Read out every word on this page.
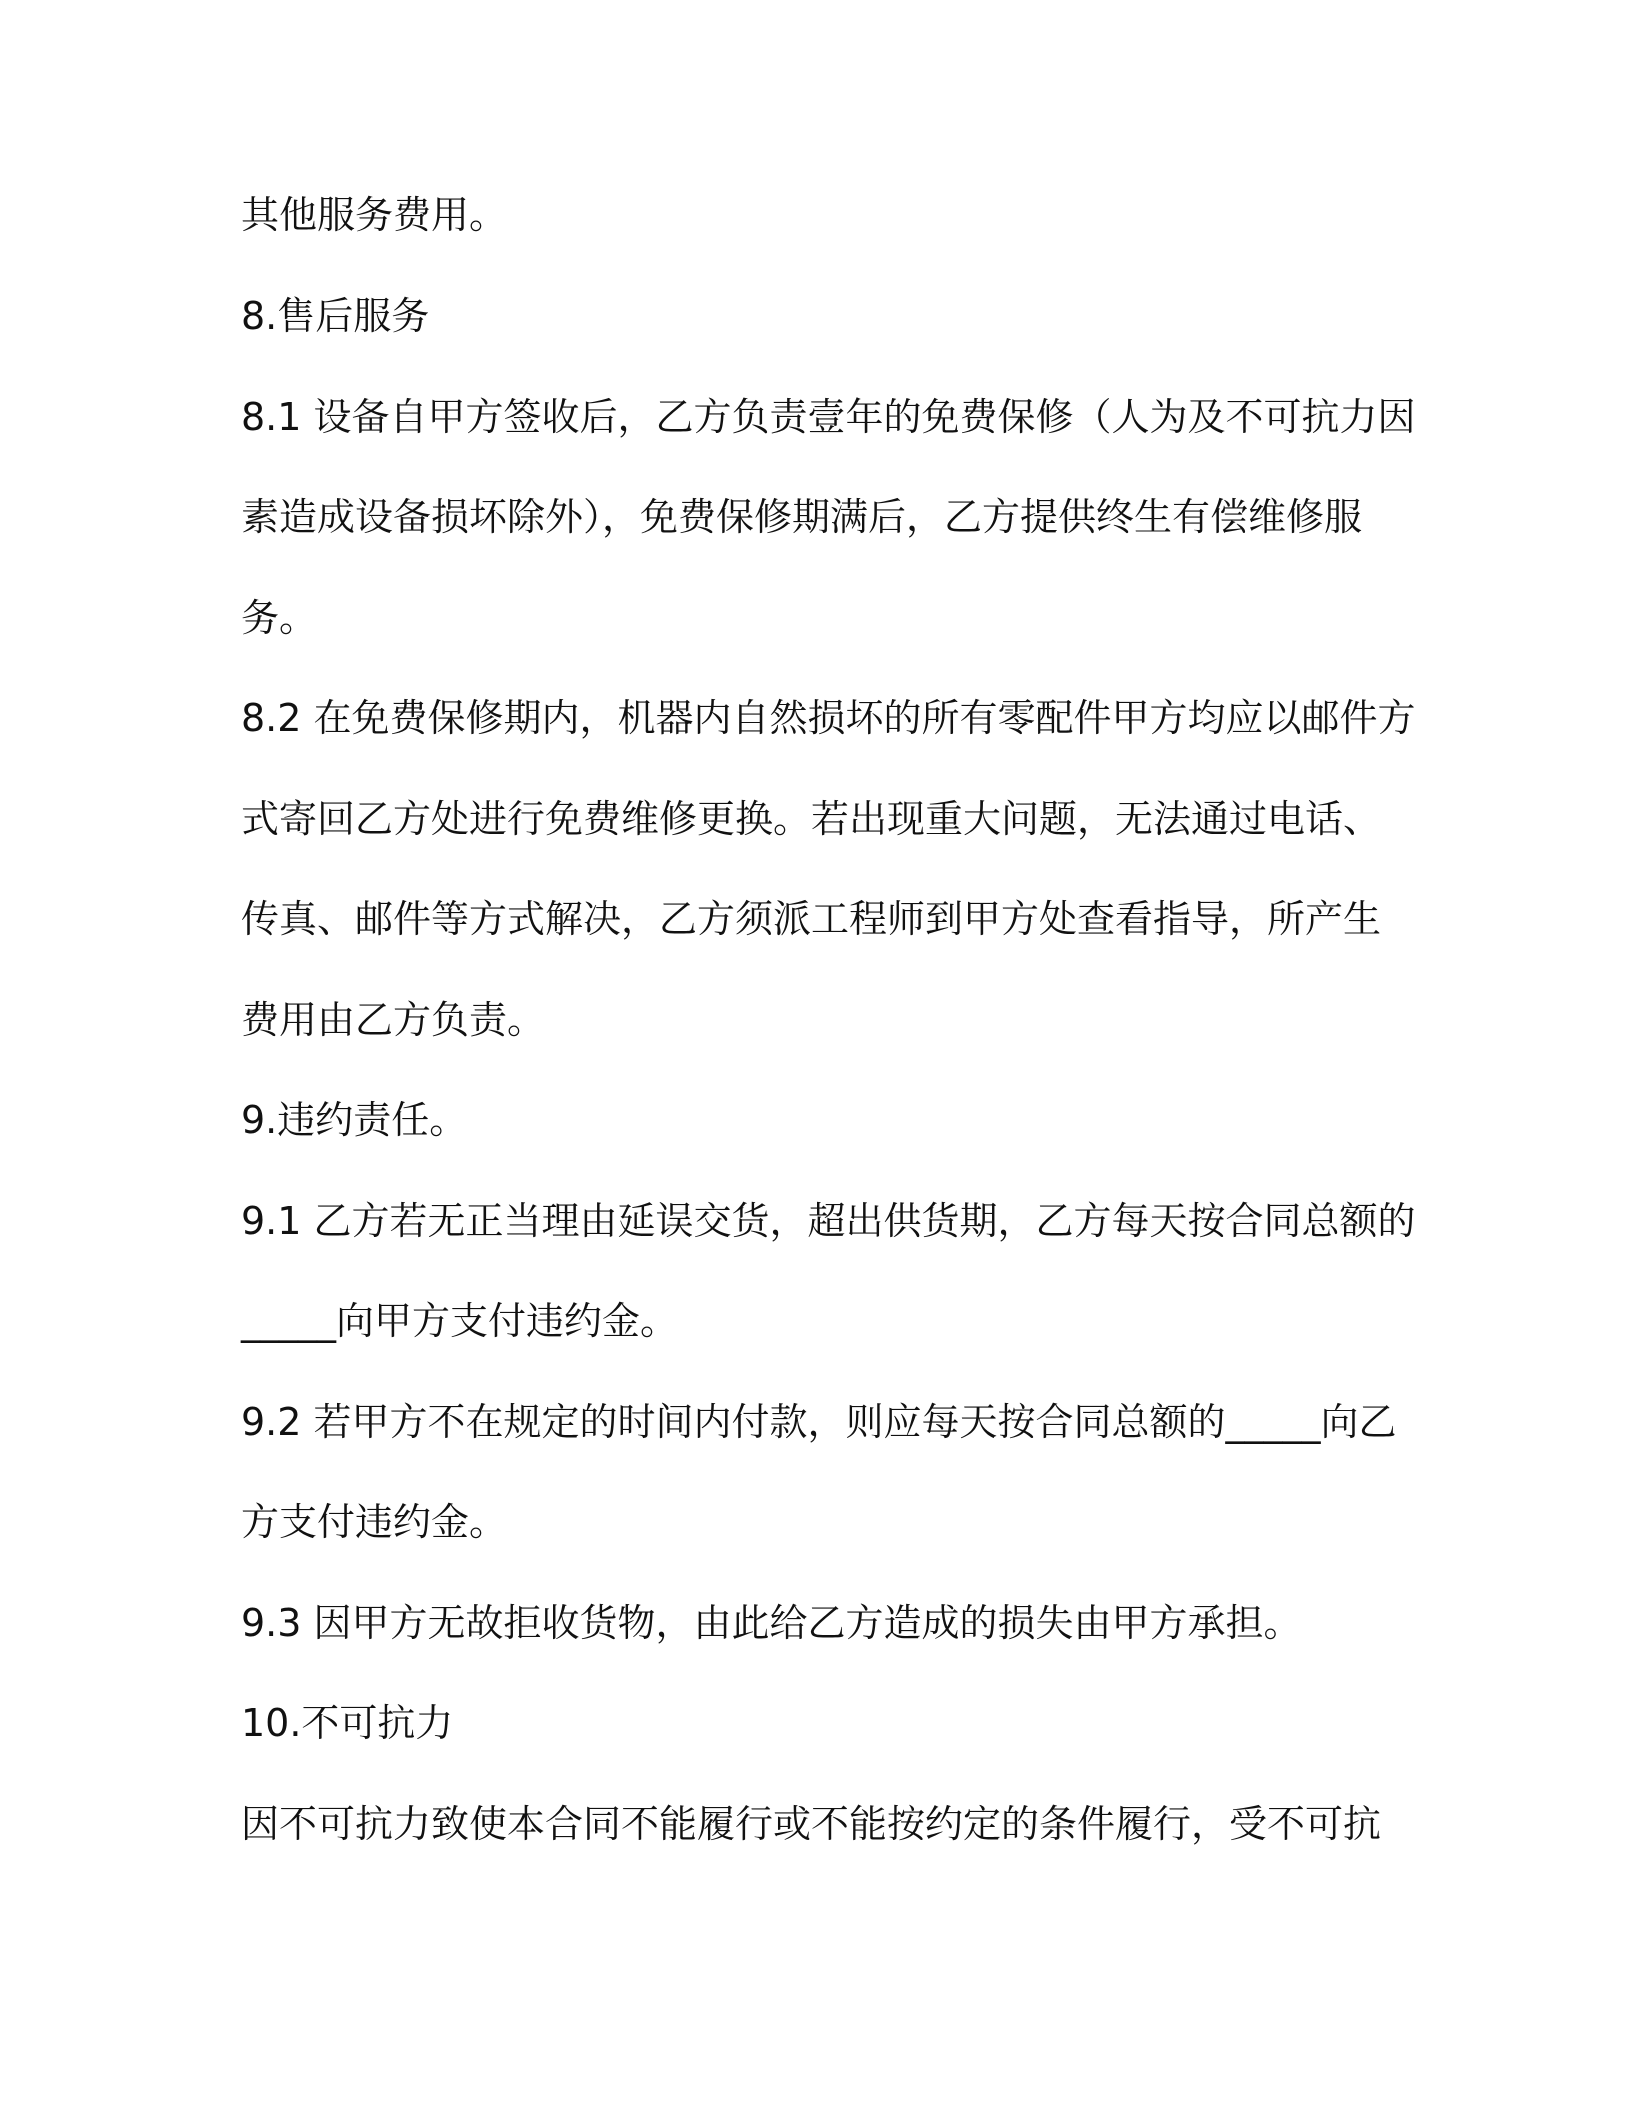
其他服务费用。
8.售后服务
8.1 设备自甲方签收后，乙方负责壹年的免费保修（人为及不可抗力因
素造成设备损坏除外），免费保修期满后，乙方提供终生有偿维修服
务。
8.2 在免费保修期内，机器内自然损坏的所有零配件甲方均应以邮件方
式寄回乙方处进行免费维修更换。若出现重大问题，无法通过电话、
传真、邮件等方式解决，乙方须派工程师到甲方处查看指导，所产生
费用由乙方负责。
9.违约责任。
9.1 乙方若无正当理由延误交货，超出供货期，乙方每天按合同总额的
_____向甲方支付违约金。
9.2 若甲方不在规定的时间内付款，则应每天按合同总额的_____向乙
方支付违约金。
9.3 因甲方无故拒收货物，由此给乙方造成的损失由甲方承担。
10.不可抗力
因不可抗力致使本合同不能履行或不能按约定的条件履行，受不可抗
